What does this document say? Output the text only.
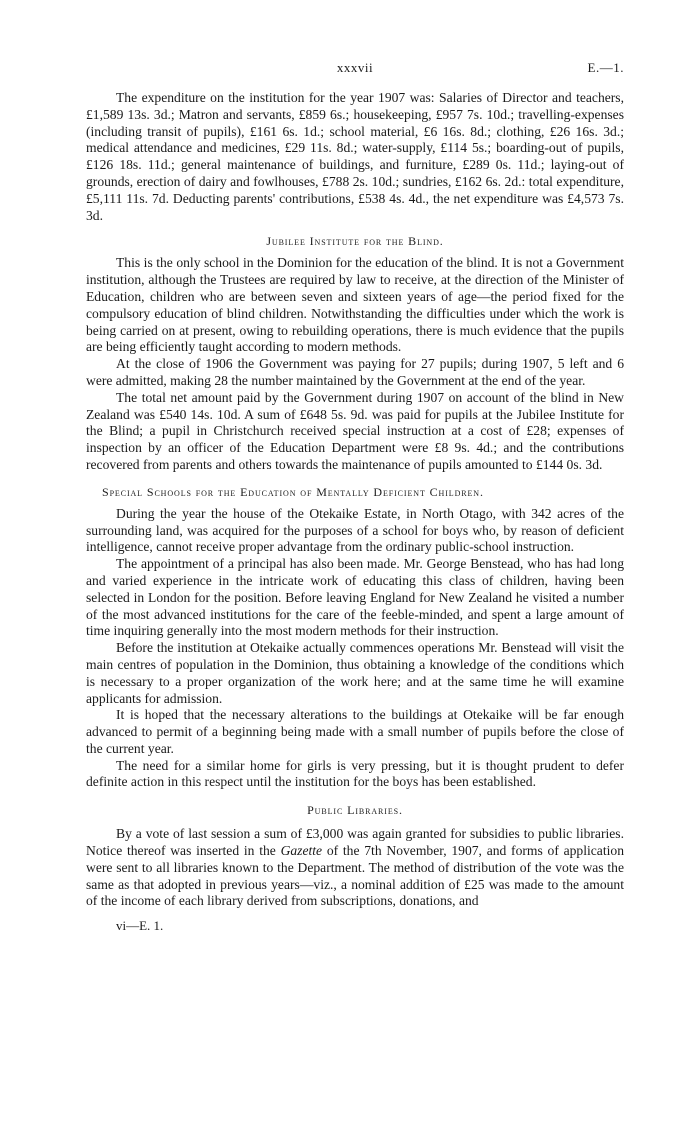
xxxvii	E.—1.

The expenditure on the institution for the year 1907 was: Salaries of Director and teachers, £1,589 13s. 3d.; Matron and servants, £859 6s.; housekeeping, £957 7s. 10d.; travelling-expenses (including transit of pupils), £161 6s. 1d.; school material, £6 16s. 8d.; clothing, £26 16s. 3d.; medical attendance and medicines, £29 11s. 8d.; water-supply, £114 5s.; boarding-out of pupils, £126 18s. 11d.; general maintenance of buildings, and furniture, £289 0s. 11d.; laying-out of grounds, erection of dairy and fowlhouses, £788 2s. 10d.; sundries, £162 6s. 2d.: total expenditure, £5,111 11s. 7d. Deducting parents' contributions, £538 4s. 4d., the net expenditure was £4,573 7s. 3d.

Jubilee Institute for the Blind.

This is the only school in the Dominion for the education of the blind. It is not a Government institution, although the Trustees are required by law to receive, at the direction of the Minister of Education, children who are between seven and sixteen years of age—the period fixed for the compulsory education of blind children. Notwithstanding the difficulties under which the work is being carried on at present, owing to rebuilding operations, there is much evidence that the pupils are being efficiently taught according to modern methods.

At the close of 1906 the Government was paying for 27 pupils; during 1907, 5 left and 6 were admitted, making 28 the number maintained by the Government at the end of the year.

The total net amount paid by the Government during 1907 on account of the blind in New Zealand was £540 14s. 10d. A sum of £648 5s. 9d. was paid for pupils at the Jubilee Institute for the Blind; a pupil in Christchurch received special instruction at a cost of £28; expenses of inspection by an officer of the Education Department were £8 9s. 4d.; and the contributions recovered from parents and others towards the maintenance of pupils amounted to £144 0s. 3d.

Special Schools for the Education of Mentally Deficient Children.

During the year the house of the Otekaike Estate, in North Otago, with 342 acres of the surrounding land, was acquired for the purposes of a school for boys who, by reason of deficient intelligence, cannot receive proper advantage from the ordinary public-school instruction.

The appointment of a principal has also been made. Mr. George Benstead, who has had long and varied experience in the intricate work of educating this class of children, having been selected in London for the position. Before leaving England for New Zealand he visited a number of the most advanced institutions for the care of the feeble-minded, and spent a large amount of time inquiring generally into the most modern methods for their instruction.

Before the institution at Otekaike actually commences operations Mr. Benstead will visit the main centres of population in the Dominion, thus obtaining a knowledge of the conditions which is necessary to a proper organization of the work here; and at the same time he will examine applicants for admission.

It is hoped that the necessary alterations to the buildings at Otekaike will be far enough advanced to permit of a beginning being made with a small number of pupils before the close of the current year.

The need for a similar home for girls is very pressing, but it is thought prudent to defer definite action in this respect until the institution for the boys has been established.

Public Libraries.

By a vote of last session a sum of £3,000 was again granted for subsidies to public libraries. Notice thereof was inserted in the Gazette of the 7th November, 1907, and forms of application were sent to all libraries known to the Department. The method of distribution of the vote was the same as that adopted in previous years—viz., a nominal addition of £25 was made to the amount of the income of each library derived from subscriptions, donations, and

vi—E. 1.
